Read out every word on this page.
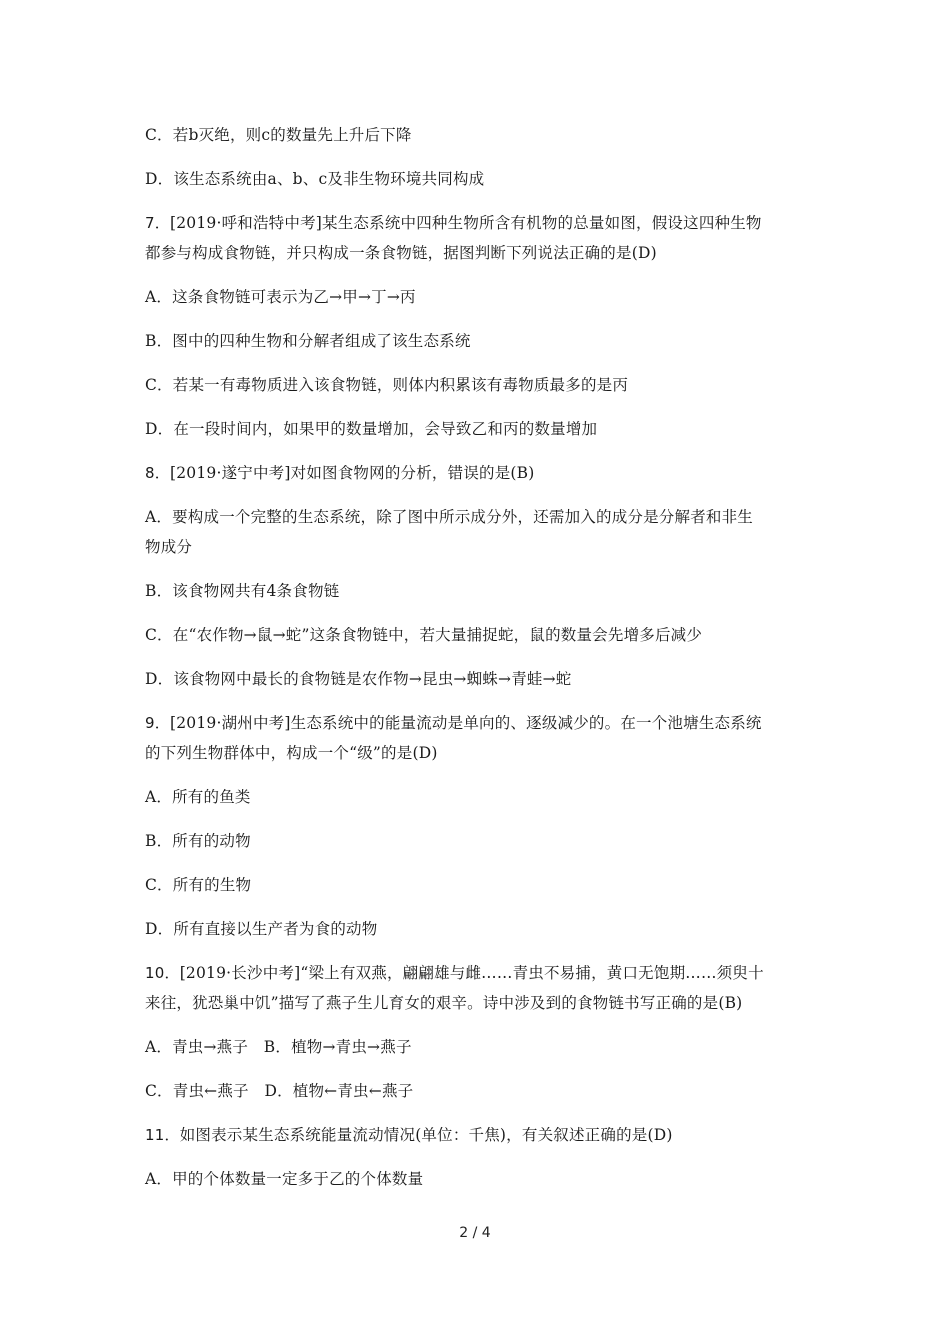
C．若b灭绝，则c的数量先上升后下降
D．该生态系统由a、b、c及非生物环境共同构成
7．[2019·呼和浩特中考]某生态系统中四种生物所含有机物的总量如图，假设这四种生物
都参与构成食物链，并只构成一条食物链，据图判断下列说法正确的是(D)
A．这条食物链可表示为乙→甲→丁→丙
B．图中的四种生物和分解者组成了该生态系统
C．若某一有毒物质进入该食物链，则体内积累该有毒物质最多的是丙
D．在一段时间内，如果甲的数量增加，会导致乙和丙的数量增加
8．[2019·遂宁中考]对如图食物网的分析，错误的是(B)
A．要构成一个完整的生态系统，除了图中所示成分外，还需加入的成分是分解者和非生
物成分
B．该食物网共有4条食物链
C．在“农作物→鼠→蛇”这条食物链中，若大量捕捉蛇，鼠的数量会先增多后减少
D．该食物网中最长的食物链是农作物→昆虫→蜘蛛→青蛙→蛇
9．[2019·湖州中考]生态系统中的能量流动是单向的、逐级减少的。在一个池塘生态系统
的下列生物群体中，构成一个“级”的是(D)
A．所有的鱼类
B．所有的动物
C．所有的生物
D．所有直接以生产者为食的动物
10．[2019·长沙中考]“梁上有双燕，翩翩雄与雌……青虫不易捕，黄口无饱期……须臾十
来往，犹恐巢中饥”描写了燕子生儿育女的艰辛。诗中涉及到的食物链书写正确的是(B)
A．青虫→燕子　B．植物→青虫→燕子
C．青虫←燕子　D．植物←青虫←燕子
11．如图表示某生态系统能量流动情况(单位：千焦)，有关叙述正确的是(D)
A．甲的个体数量一定多于乙的个体数量
2 / 4
